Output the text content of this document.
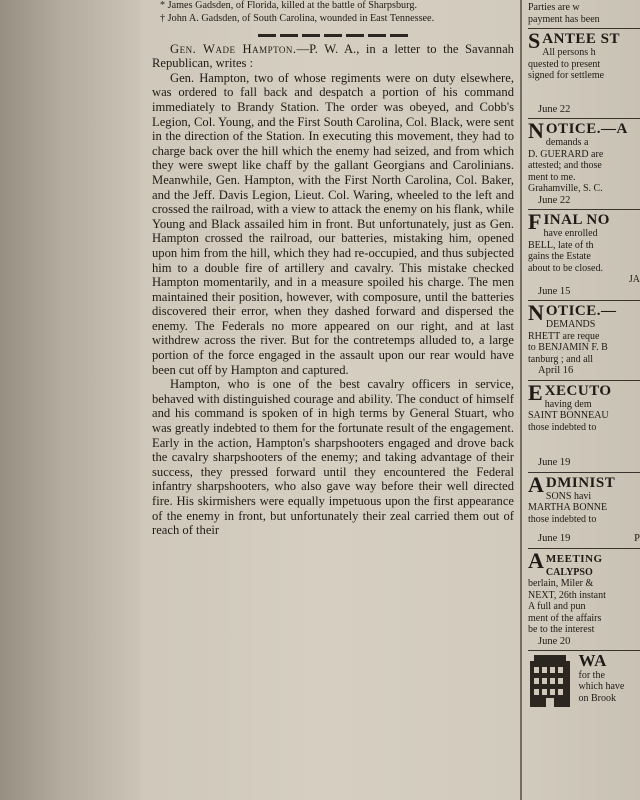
* James Gadsden, of Florida, killed at the battle of Sharpsburg.

† John A. Gadsden, of South Carolina, wounded in East Tennessee.

Gen. Wade Hampton.—P. W. A., in a letter to the Savannah Republican, writes :

Gen. Hampton, two of whose regiments were on duty elsewhere, was ordered to fall back and despatch a portion of his command immediately to Brandy Station. The order was obeyed, and Cobb's Legion, Col. Young, and the First South Carolina, Col. Black, were sent in the direction of the Station. In executing this movement, they had to charge back over the hill which the enemy had seized, and from which they were swept like chaff by the gallant Georgians and Carolinians. Meanwhile, Gen. Hampton, with the First North Carolina, Col. Baker, and the Jeff. Davis Legion, Lieut. Col. Waring, wheeled to the left and crossed the railroad, with a view to attack the enemy on his flank, while Young and Black assailed him in front. But unfortunately, just as Gen. Hampton crossed the railroad, our batteries, mistaking him, opened upon him from the hill, which they had re-occupied, and thus subjected him to a double fire of artillery and cavalry. This mistake checked Hampton momentarily, and in a measure spoiled his charge. The men maintained their position, however, with composure, until the batteries discovered their error, when they dashed forward and dispersed the enemy. The Federals no more appeared on our right, and at last withdrew across the river. But for the contretemps alluded to, a large portion of the force engaged in the assault upon our rear would have been cut off by Hampton and captured.

Hampton, who is one of the best cavalry officers in service, behaved with distinguished courage and ability. The conduct of himself and his command is spoken of in high terms by General Stuart, who was greatly indebted to them for the fortunate result of the engagement. Early in the action, Hampton's sharpshooters engaged and drove back the cavalry sharpshooters of the enemy; and taking advantage of their success, they pressed forward until they encountered the Federal infantry sharpshooters, who also gave way before their well directed fire. His skirmishers were equally impetuous upon the first appearance of the enemy in front, but unfortunately their zeal carried them out of reach of their

Parties are w
payment has been
S ANTEE ST
All persons h
quested to present
signed for settleme
June 22
N OTICE.—A
demands a
D. GUERARD are
attested; and those
ment to me.
Grahamville, S. C.
June 22
F INAL NO
have enrolled
BELL, late of th
gains the Estate
about to be closed.
JA
June 15
N OTICE.—
DEMANDS
RHETT are reque
to BENJAMIN F. B
tanburg ; and all
April 16
E XECUTO
having dem
SAINT BONNEAU
those indebted to
June 19
A DMINIST
SONS havi
MARTHA BONNE
those indebted to
June 19	P
AMEETING
CALYPSO
berlain, Miler &
NEXT, 26th instant
A full and pun
ment of the affairs
be to the interest
June 20
WA
for the
which have
on Brook
